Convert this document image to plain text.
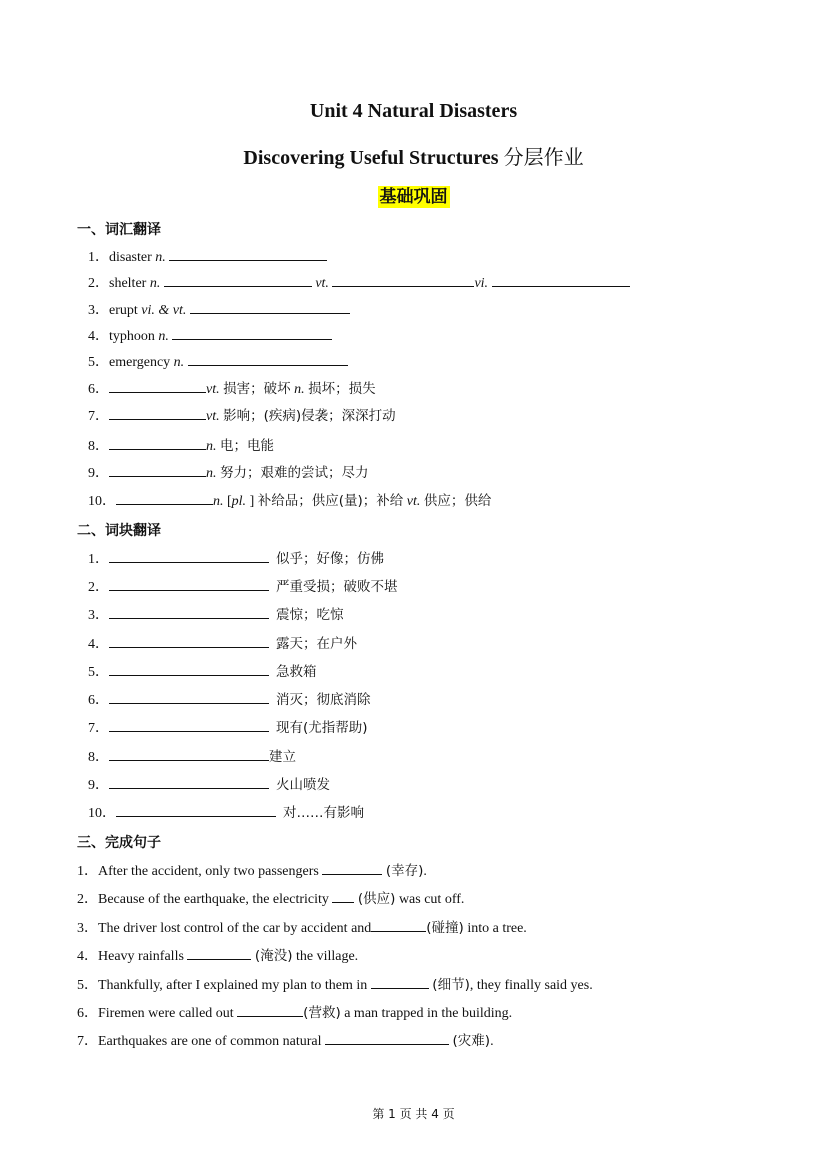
Unit 4 Natural Disasters
Discovering Useful Structures 分层作业
基础巩固
一、词汇翻译
1．disaster n.
2．shelter n.	vt.	vi.
3．erupt vi. & vt.
4．typhoon n.
5．emergency n.
6．	vt. 损害；破坏 n. 损坏；损失
7．	vt. 影响；(疾病)侵袭；深深打动
8．	n. 电；电能
9．	n. 努力；艰难的尝试；尽力
10．	n. [pl. ] 补给品；供应(量)；补给 vt. 供应；供给
二、词块翻译
1．	似乎；好像；仿佛
2．	严重受损；破败不堪
3．	震惊；吃惊
4．	露天；在户外
5．	急救箱
6．	消灭；彻底消除
7．	现有(尤指帮助)
8．	建立
9．	火山喷发
10．	对……有影响
三、完成句子
1．After the accident, only two passengers	(幸存).
2．Because of the earthquake, the electricity (供应) was cut off.
3．The driver lost control of the car by accident and	(碰撞) into a tree.
4．Heavy rainfalls	(淹没) the village.
5．Thankfully, after I explained my plan to them in	(细节), they finally said yes.
6．Firemen were called out	(营救) a man trapped in the building.
7．Earthquakes are one of common natural	(灾难).
第 1 页 共 4 页
